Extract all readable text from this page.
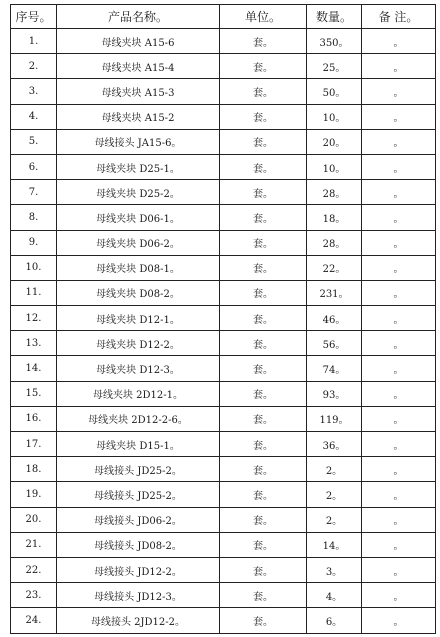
序号。	产品名称。	单位。	数量。	备 注。
1.	母线夹块 A15-6	套。	350。	。
2.	母线夹块 A15-4	套。	25。	。
3.	母线夹块 A15-3	套。	50。	。
4.	母线夹块 A15-2	套。	10。	。
5.	母线接头 JA15-6。	套。	20。	。
6.	母线夹块 D25-1。	套。	10。	。
7.	母线夹块 D25-2。	套。	28。	。
8.	母线夹块 D06-1。	套。	18。	。
9.	母线夹块 D06-2。	套。	28。	。
10.	母线夹块 D08-1。	套。	22。	。
11.	母线夹块 D08-2。	套。	231。	。
12.	母线夹块 D12-1。	套。	46。	。
13.	母线夹块 D12-2。	套。	56。	。
14.	母线夹块 D12-3。	套。	74。	。
15.	母线夹块 2D12-1。	套。	93。	。
16.	母线夹块 2D12-2-6。	套。	119。	。
17.	母线夹块 D15-1。	套。	36。	。
18.	母线接头 JD25-2。	套。	2。	。
19.	母线接头 JD25-2。	套。	2。	。
20.	母线接头 JD06-2。	套。	2。	。
21.	母线接头 JD08-2。	套。	14。	。
22.	母线接头 JD12-2。	套。	3。	。
23.	母线接头 JD12-3。	套。	4。	。
24.	母线接头 2JD12-2。	套。	6。	。
